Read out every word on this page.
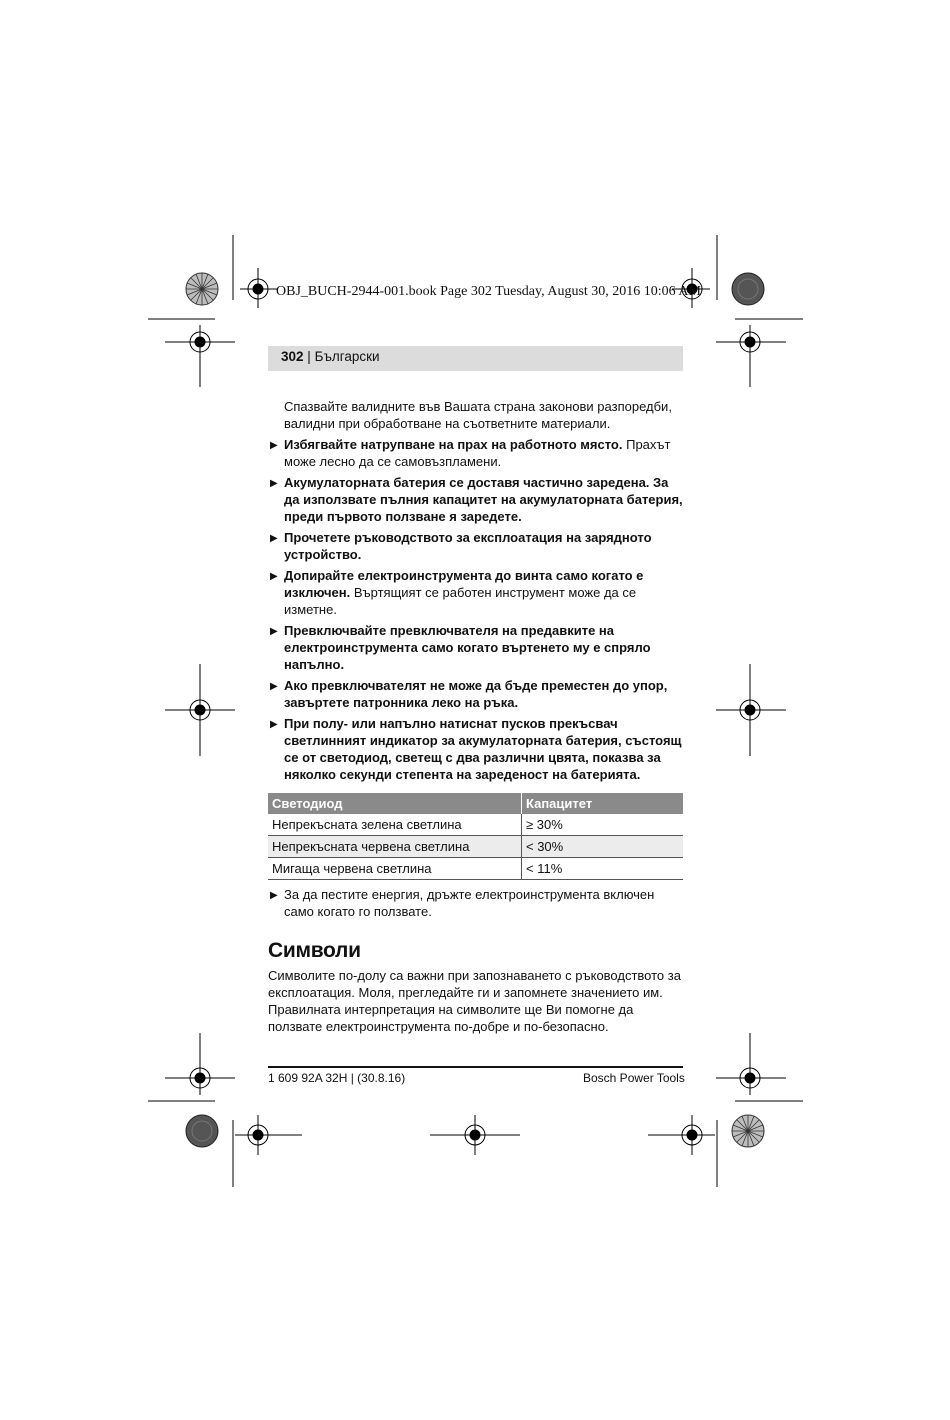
OBJ_BUCH-2944-001.book Page 302 Tuesday, August 30, 2016 10:06 AM
302 | Български

Спазвайте валидните във Вашата страна законови разпоредби, валидни при обработване на съответните материали.

▶ Избягвайте натрупване на прах на работното място. Прахът може лесно да се самовъзпламени.
▶ Акумулаторната батерия се доставя частично заредена. За да използвате пълния капацитет на акумулаторната батерия, преди първото ползване я заредете.
▶ Прочетете ръководството за експлоатация на зарядното устройство.
▶ Допирайте електроинструмента до винта само когато е изключен. Въртящият се работен инструмент може да се изметне.
▶ Превключвайте превключвателя на предавките на електроинструмента само когато въртенето му е спряло напълно.
▶ Ако превключвателят не може да бъде преместен до упор, завъртете патронника леко на ръка.
▶ При полу- или напълно натиснат пусков прекъсвач светлинният индикатор за акумулаторната батерия, състоящ се от светодиод, светещ с два различни цвята, показва за няколко секунди степента на зареденост на батерията.
Светодиод	Капацитет
Непрекъсната зелена светлина	≥ 30%
Непрекъсната червена светлина	< 30%
Мигаща червена светлина	< 11%
▶ За да пестите енергия, дръжте електроинструмента включен само когато го ползвате.
Символи

Символите по-долу са важни при запознаването с ръководството за експлоатация. Моля, прегледайте ги и запомнете значението им. Правилната интерпретация на символите ще Ви помогне да ползвате електроинструмента по-добре и по-безопасно.

1 609 92A 32H | (30.8.16)	Bosch Power Tools
